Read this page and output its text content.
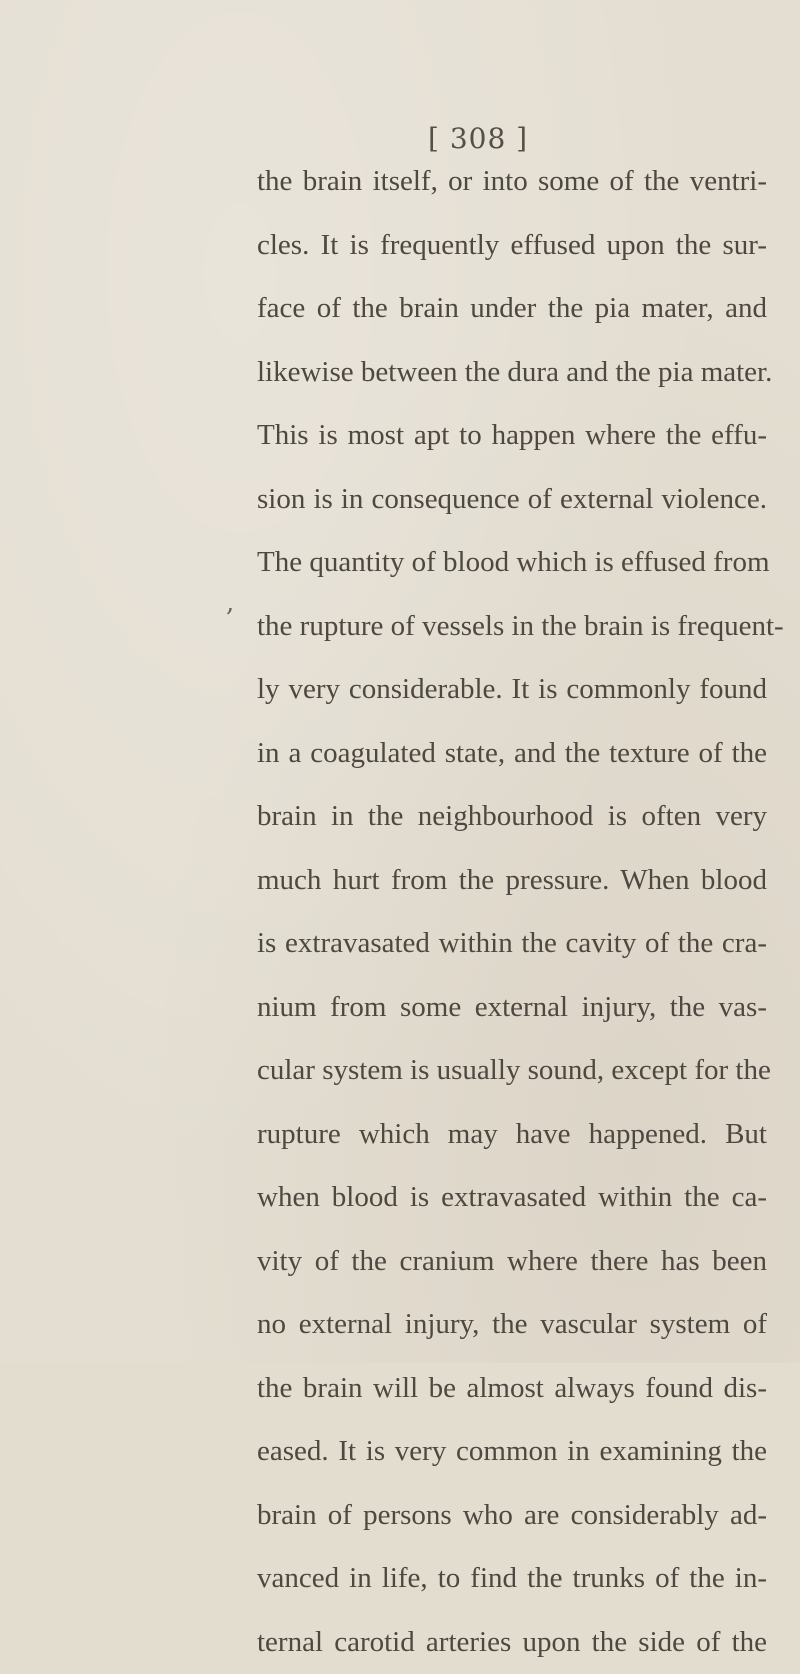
[ 308 ]
,
the brain itself, or into some of the ventri-
cles. It is frequently effused upon the sur-
face of the brain under the pia mater, and
likewise between the dura and the pia mater.
This is most apt to happen where the effu-
sion is in consequence of external violence.
The quantity of blood which is effused from
the rupture of vessels in the brain is frequent-
ly very considerable. It is commonly found
in a coagulated state, and the texture of the
brain in the neighbourhood is often very
much hurt from the pressure. When blood
is extravasated within the cavity of the cra-
nium from some external injury, the vas-
cular system is usually sound, except for the
rupture which may have happened. But
when blood is extravasated within the ca-
vity of the cranium where there has been
no external injury, the vascular system of
the brain will be almost always found dis-
eased. It is very common in examining the
brain of persons who are considerably ad-
vanced in life, to find the trunks of the in-
ternal carotid arteries upon the side of the
